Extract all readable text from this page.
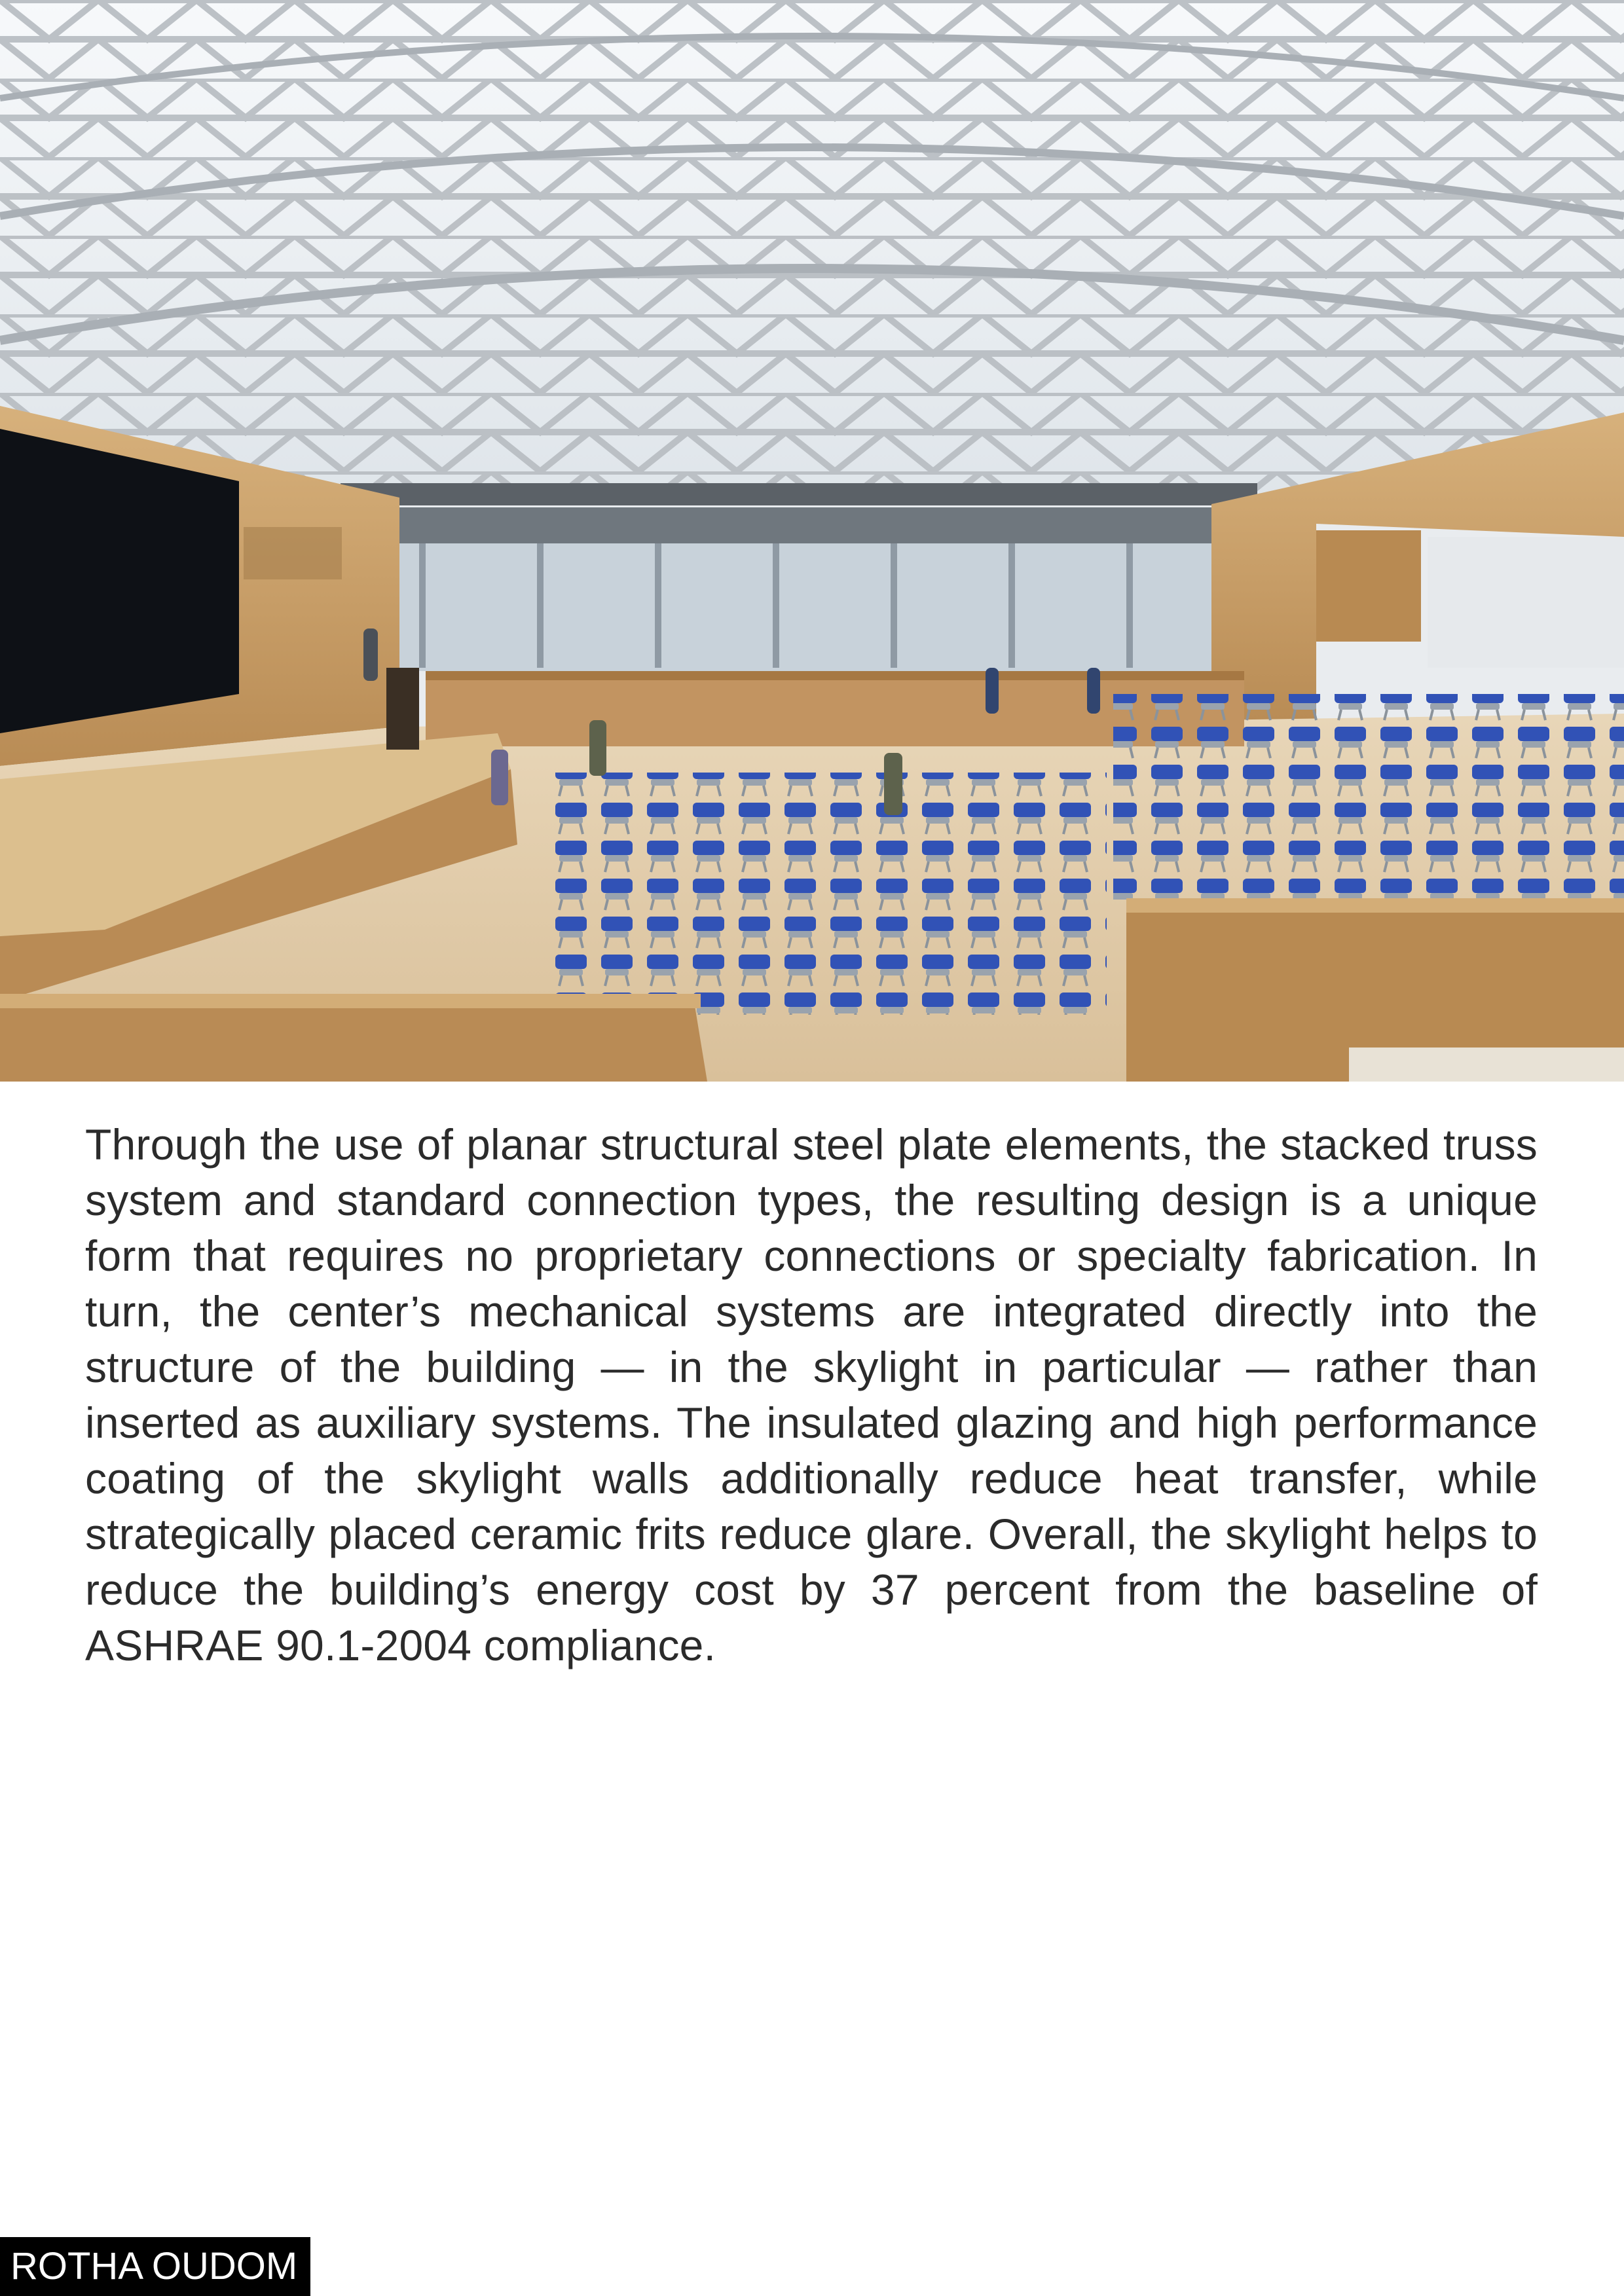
Through the use of planar structural steel plate elements, the stacked truss system and standard connection types, the resulting design is a unique form that requires no proprietary connections or specialty fabrication. In turn, the center’s mechanical systems are integrated directly into the structure of the building — in the skylight in particular — rather than inserted as auxiliary systems. The insulated glazing and high performance coating of the skylight walls additionally reduce heat transfer, while strategically placed ceramic frits reduce glare. Overall, the skylight helps to reduce the building’s energy cost by 37 percent from the baseline of ASHRAE 90.1-2004 compliance.

ROTHA OUDOM
